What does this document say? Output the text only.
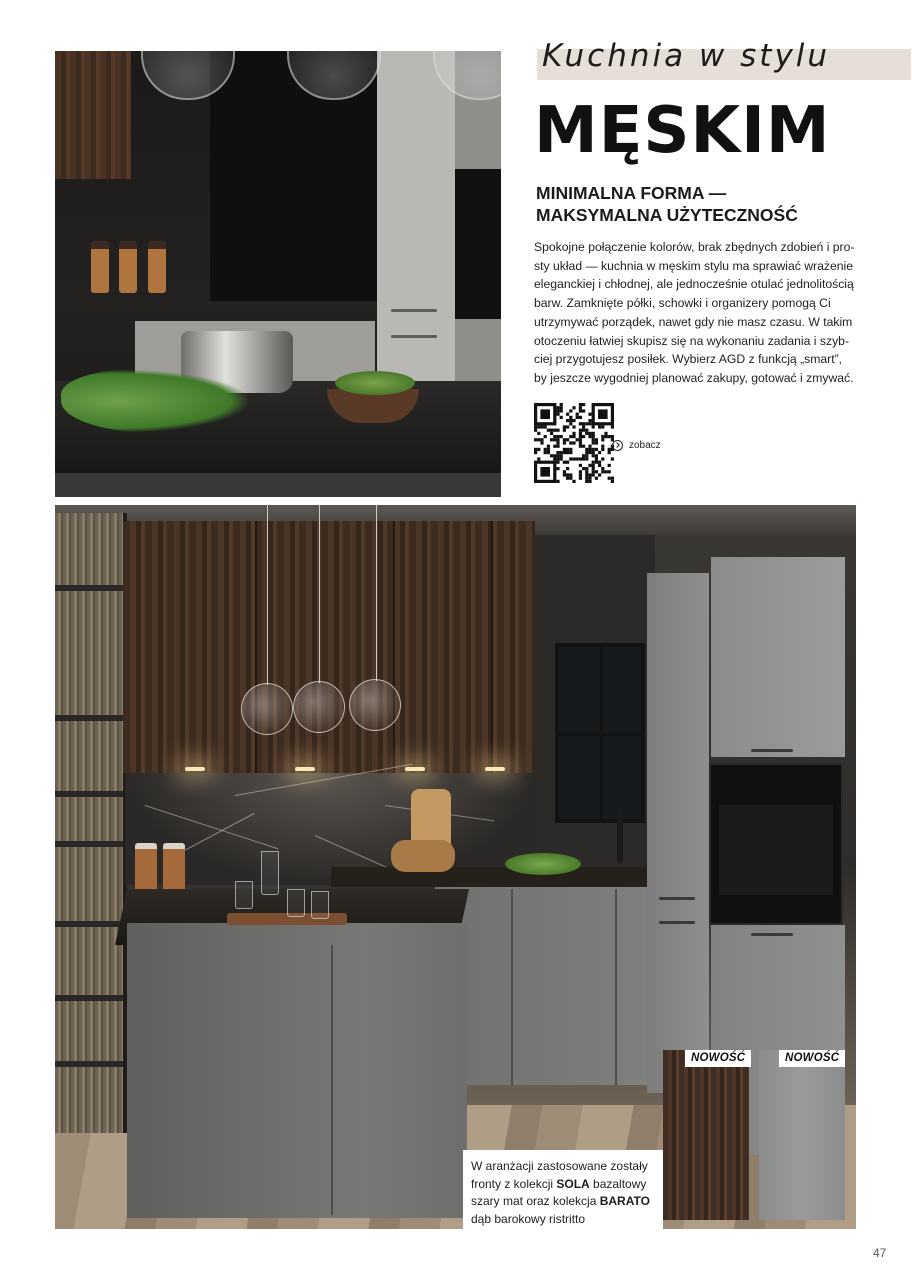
Kuchnia w stylu
MĘSKIM
MINIMALNA FORMA —
MAKSYMALNA UŻYTECZNOŚĆ
Spokojne połączenie kolorów, brak zbędnych zdobień i pro-
sty układ — kuchnia w męskim stylu ma sprawiać wrażenie
eleganckiej i chłodnej, ale jednocześnie otulać jednolitością
barw. Zamknięte półki, schowki i organizery pomogą Ci
utrzymywać porządek, nawet gdy nie masz czasu. W takim
otoczeniu łatwiej skupisz się na wykonaniu zadania i szyb-
ciej przygotujesz posiłek. Wybierz AGD z funkcją „smart”,
by jeszcze wygodniej planować zakupy, gotować i zmywać.
zobacz
W aranżacji zastosowane zostały
fronty z kolekcji SOLA bazaltowy
szary mat oraz kolekcja BARATO
dąb barokowy ristritto
NOWOŚĆ	NOWOŚĆ
47
